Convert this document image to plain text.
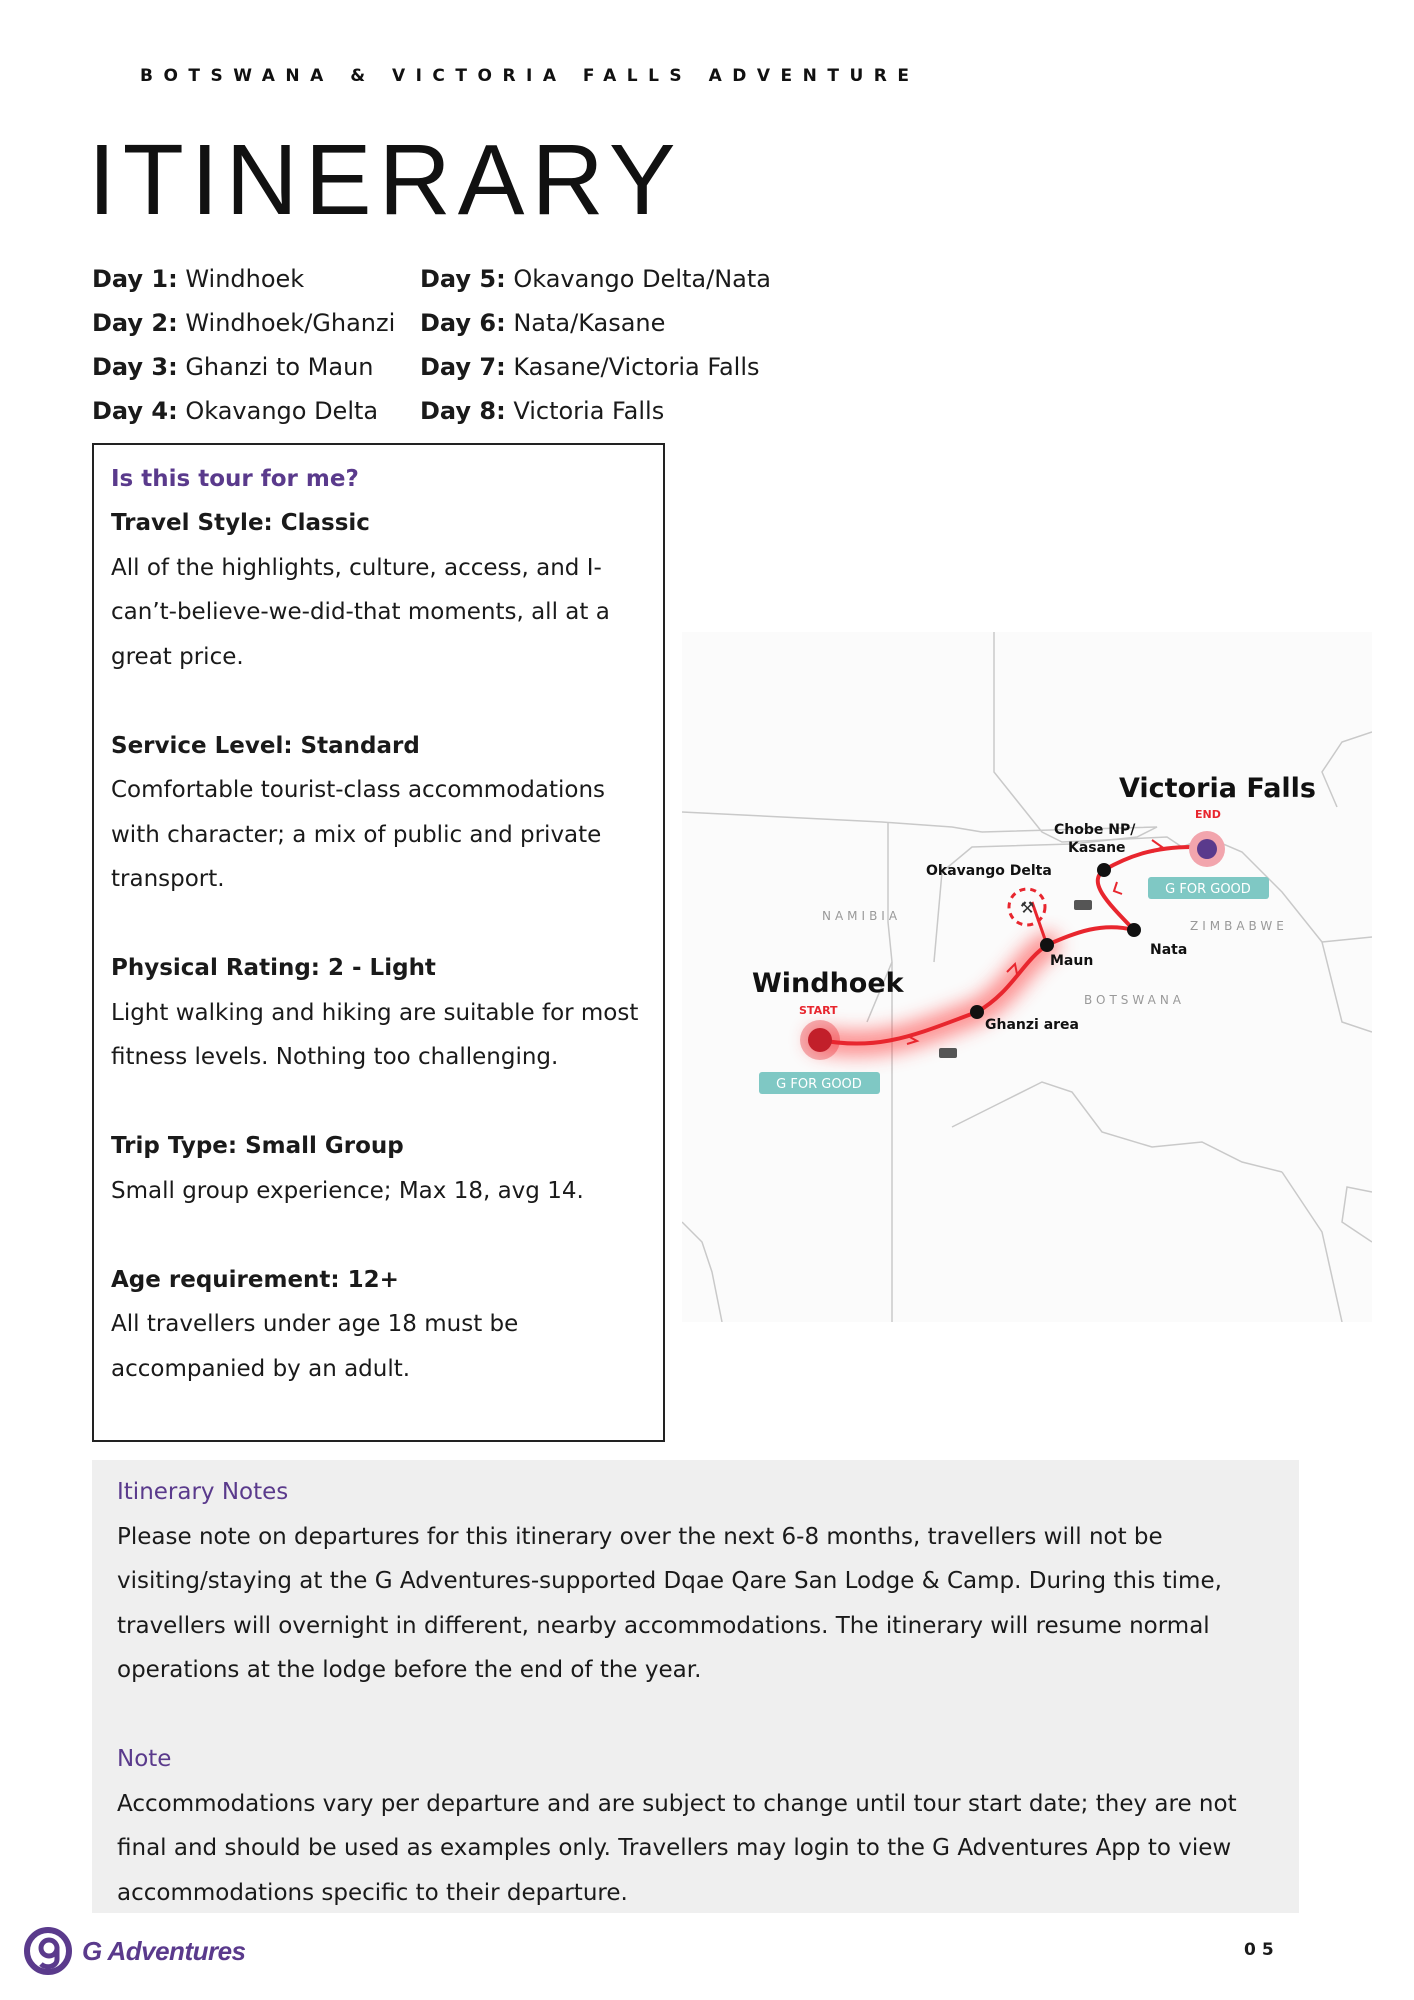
BOTSWANA & VICTORIA FALLS ADVENTURE
ITINERARY
Day 1: Windhoek	Day 5: Okavango Delta/Nata
Day 2: Windhoek/Ghanzi	Day 6: Nata/Kasane
Day 3: Ghanzi to Maun	Day 7: Kasane/Victoria Falls
Day 4: Okavango Delta	Day 8: Victoria Falls
Is this tour for me?
Travel Style: Classic
All of the highlights, culture, access, and I-can’t-believe-we-did-that moments, all at a great price.
Service Level: Standard
Comfortable tourist-class accommodations with character; a mix of public and private transport.
Physical Rating: 2 - Light
Light walking and hiking are suitable for most fitness levels. Nothing too challenging.
Trip Type: Small Group
Small group experience; Max 18, avg 14.
Age requirement: 12+
All travellers under age 18 must be accompanied by an adult.
NAMIBIA
BOTSWANA
ZIMBABWE
⚒
Windhoek
START
G FOR GOOD
Victoria Falls
END
G FOR GOOD
Ghanzi area
Maun
Okavango Delta
Nata
Chobe NP/
Kasane
Itinerary Notes
Please note on departures for this itinerary over the next 6-8 months, travellers will not be visiting/staying at the G Adventures-supported Dqae Qare San Lodge & Camp. During this time, travellers will overnight in different, nearby accommodations. The itinerary will resume normal operations at the lodge before the end of the year.
Note
Accommodations vary per departure and are subject to change until tour start date; they are not final and should be used as examples only. Travellers may login to the G Adventures App to view accommodations specific to their departure.
G Adventures	05
